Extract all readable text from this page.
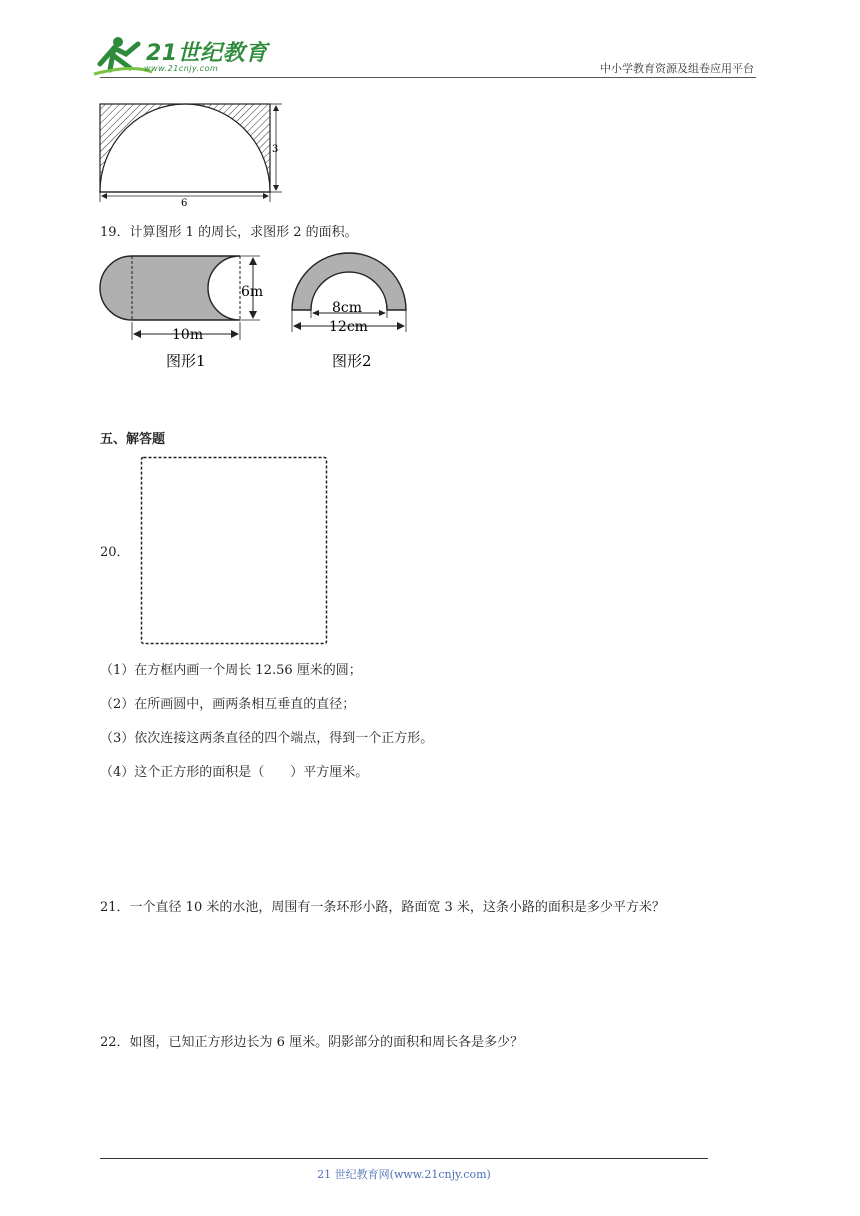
21世纪教育
www.21cnjy.com	中小学教育资源及组卷应用平台
3
6
19．计算图形 1 的周长，求图形 2 的面积。
6m
10m
图形1
8cm
12cm
图形2
五、解答题
20．
（1）在方框内画一个周长 12.56 厘米的圆；
（2）在所画圆中，画两条相互垂直的直径；
（3）依次连接这两条直径的四个端点，得到一个正方形。
（4）这个正方形的面积是（　　）平方厘米。
21．一个直径 10 米的水池，周围有一条环形小路，路面宽 3 米，这条小路的面积是多少平方米？
22．如图，已知正方形边长为 6 厘米。阴影部分的面积和周长各是多少？
21 世纪教育网(www.21cnjy.com)
